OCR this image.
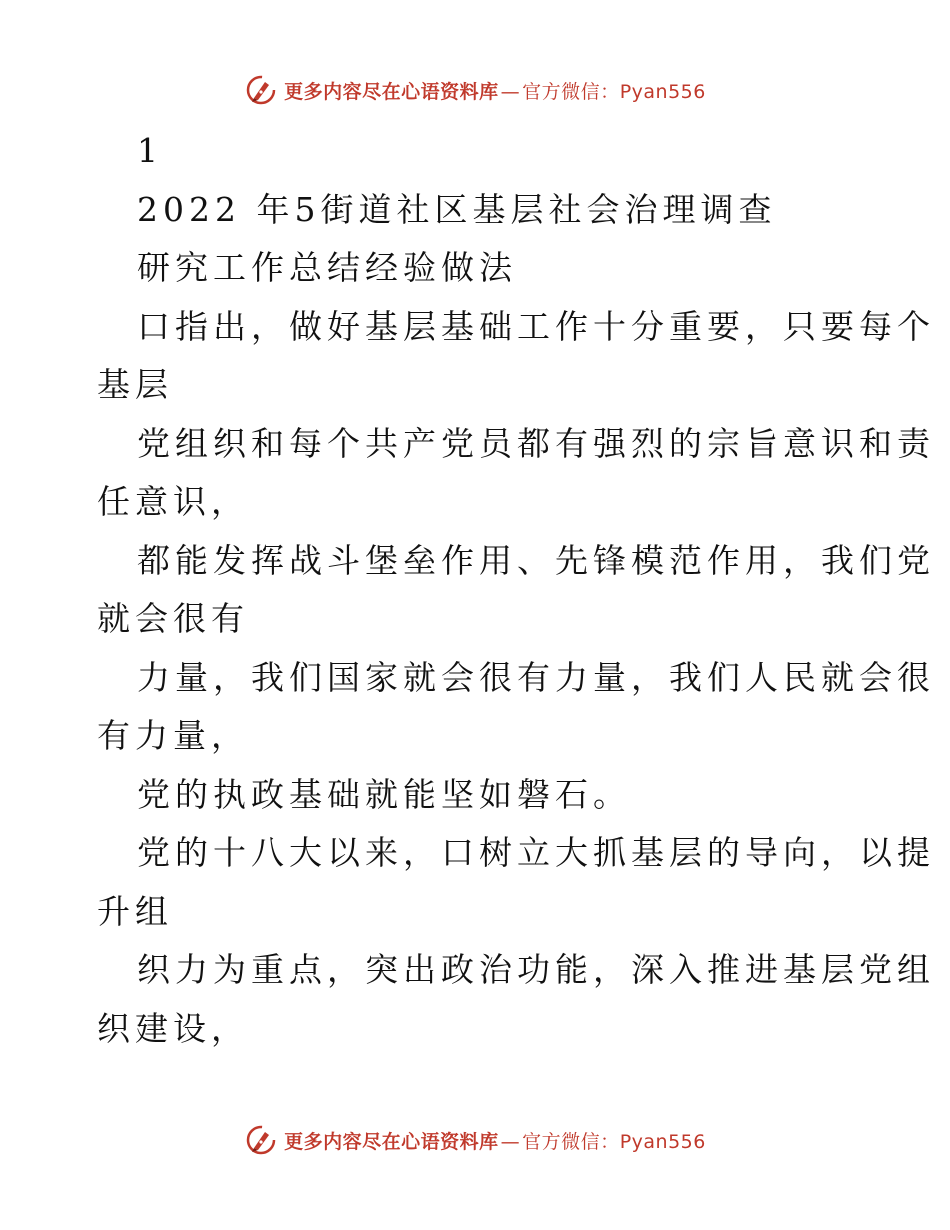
更多内容尽在心语资料库 — 官方微信：Pyan556
1
2022 年5街道社区基层社会治理调查
研究工作总结经验做法
口指出，做好基层基础工作十分重要，只要每个
基层
党组织和每个共产党员都有强烈的宗旨意识和责
任意识，
都能发挥战斗堡垒作用、先锋模范作用，我们党
就会很有
力量，我们国家就会很有力量，我们人民就会很
有力量，
党的执政基础就能坚如磐石。
党的十八大以来，口树立大抓基层的导向，以提
升组
织力为重点，突出政治功能，深入推进基层党组
织建设，
更多内容尽在心语资料库 — 官方微信：Pyan556
